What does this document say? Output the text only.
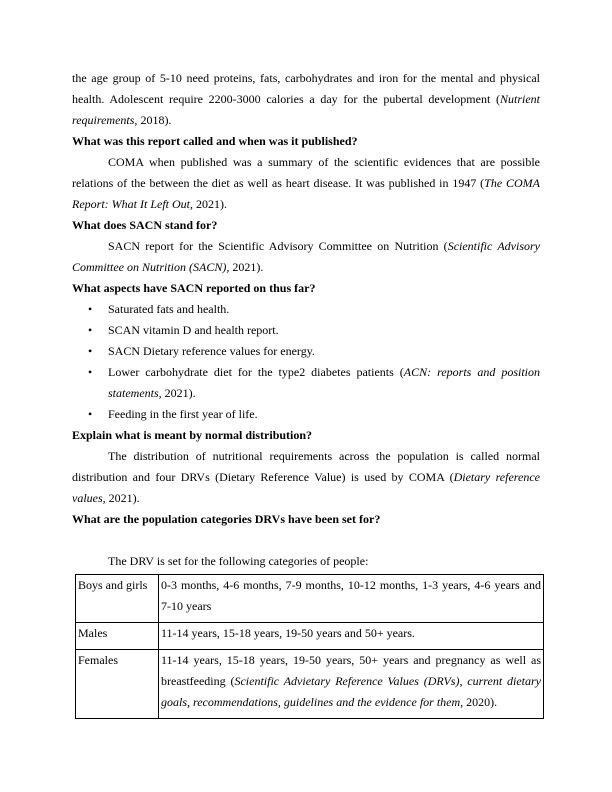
the age group of 5-10 need proteins, fats, carbohydrates and iron for the mental and physical health. Adolescent require 2200-3000 calories a day for the pubertal development (Nutrient requirements, 2018).

What was this report called and when was it published?

COMA when published was a summary of the scientific evidences that are possible relations of the between the diet as well as heart disease. It was published in 1947 (The COMA Report: What It Left Out, 2021).

What does SACN stand for?

SACN report for the Scientific Advisory Committee on Nutrition (Scientific Advisory Committee on Nutrition (SACN), 2021).

What aspects have SACN reported on thus far?

• Saturated fats and health.
• SCAN vitamin D and health report.
• SACN Dietary reference values for energy.
• Lower carbohydrate diet for the type2 diabetes patients (ACN: reports and position statements, 2021).
• Feeding in the first year of life.

Explain what is meant by normal distribution?

The distribution of nutritional requirements across the population is called normal distribution and four DRVs (Dietary Reference Value) is used by COMA (Dietary reference values, 2021).

What are the population categories DRVs have been set for?

The DRV is set for the following categories of people:

Boys and girls	0-3 months, 4-6 months, 7-9 months, 10-12 months, 1-3 years, 4-6 years and 7-10 years
Males	11-14 years, 15-18 years, 19-50 years and 50+ years.
Females	11-14 years, 15-18 years, 19-50 years, 50+ years and pregnancy as well as breastfeeding (Scientific Advietary Reference Values (DRVs), current dietary goals, recommendations, guidelines and the evidence for them, 2020).
